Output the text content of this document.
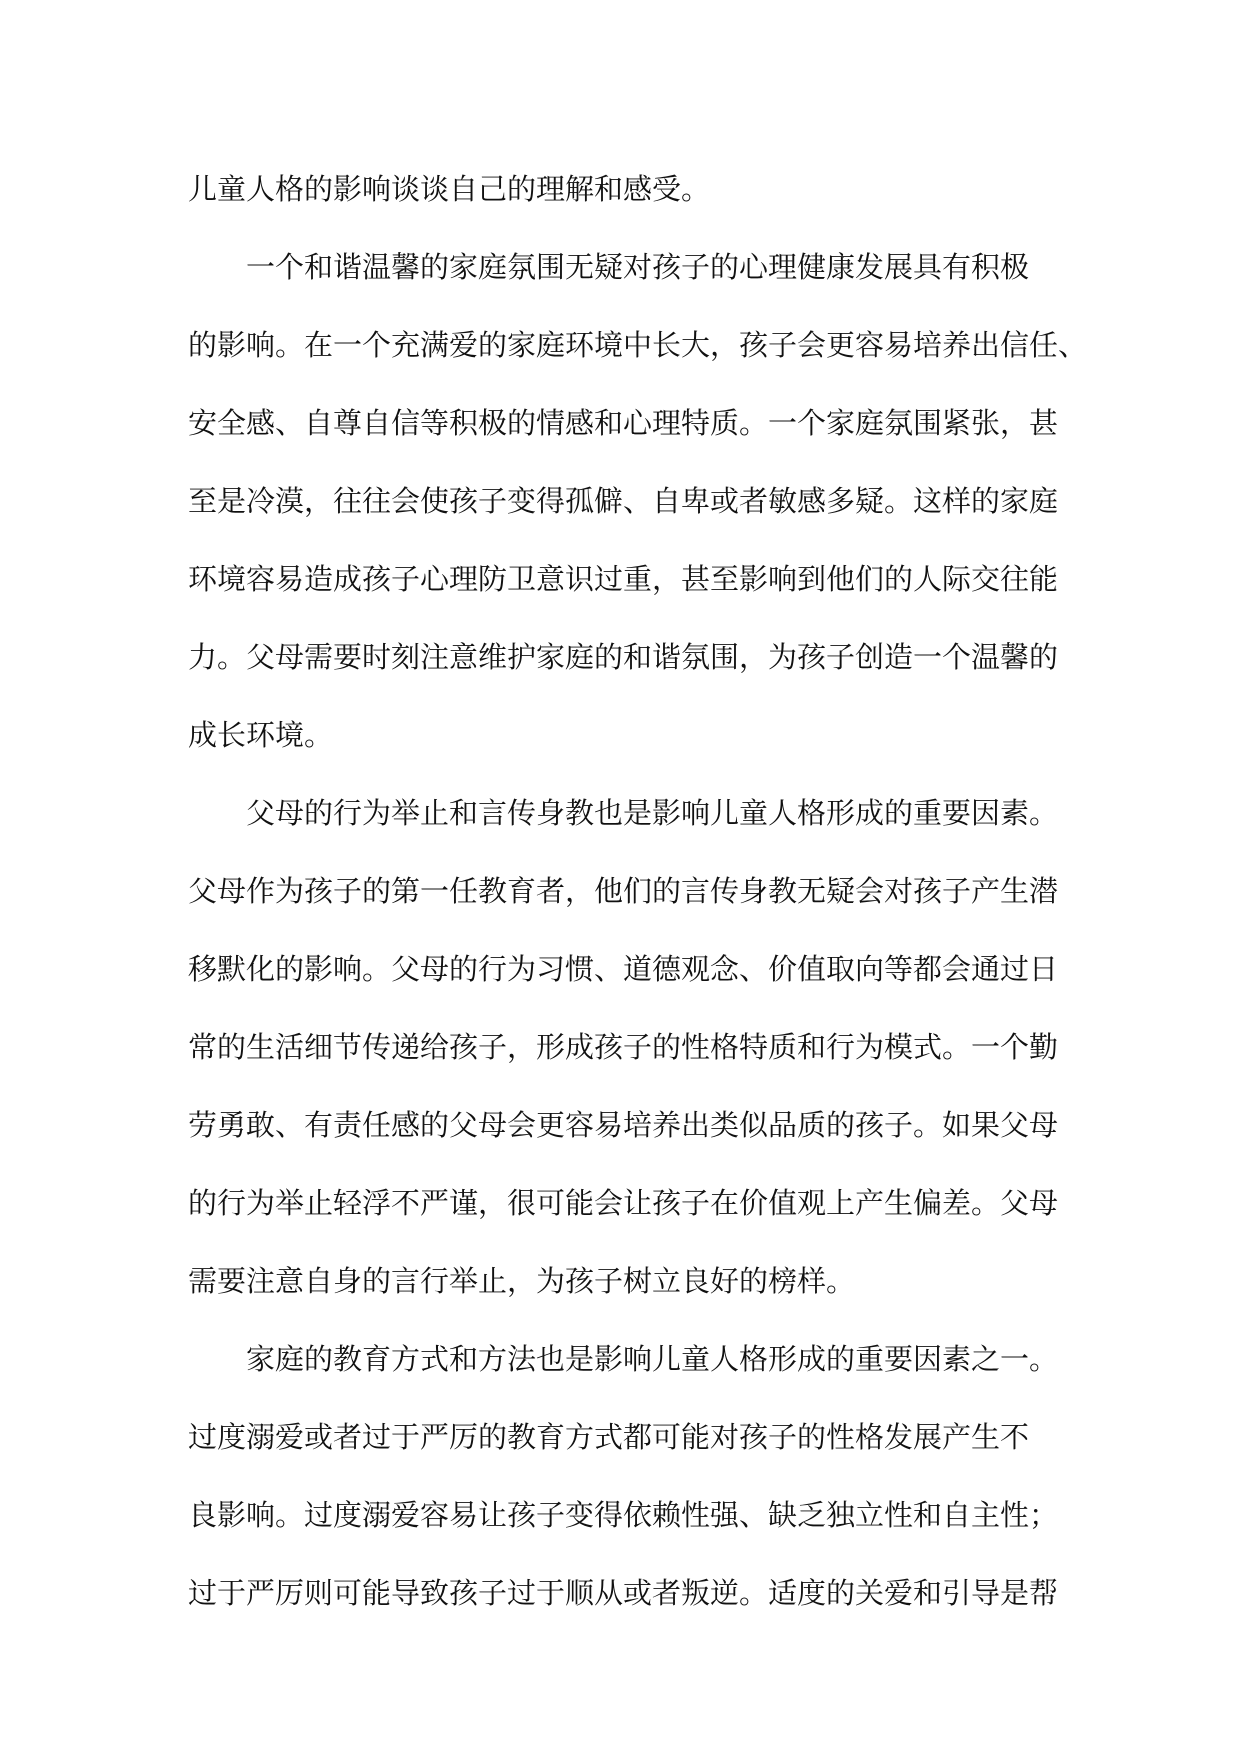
儿童人格的影响谈谈自己的理解和感受。
一个和谐温馨的家庭氛围无疑对孩子的心理健康发展具有积极
的影响。在一个充满爱的家庭环境中长大，孩子会更容易培养出信任、
安全感、自尊自信等积极的情感和心理特质。一个家庭氛围紧张，甚
至是冷漠，往往会使孩子变得孤僻、自卑或者敏感多疑。这样的家庭
环境容易造成孩子心理防卫意识过重，甚至影响到他们的人际交往能
力。父母需要时刻注意维护家庭的和谐氛围，为孩子创造一个温馨的
成长环境。
父母的行为举止和言传身教也是影响儿童人格形成的重要因素。
父母作为孩子的第一任教育者，他们的言传身教无疑会对孩子产生潜
移默化的影响。父母的行为习惯、道德观念、价值取向等都会通过日
常的生活细节传递给孩子，形成孩子的性格特质和行为模式。一个勤
劳勇敢、有责任感的父母会更容易培养出类似品质的孩子。如果父母
的行为举止轻浮不严谨，很可能会让孩子在价值观上产生偏差。父母
需要注意自身的言行举止，为孩子树立良好的榜样。
家庭的教育方式和方法也是影响儿童人格形成的重要因素之一。
过度溺爱或者过于严厉的教育方式都可能对孩子的性格发展产生不
良影响。过度溺爱容易让孩子变得依赖性强、缺乏独立性和自主性；
过于严厉则可能导致孩子过于顺从或者叛逆。适度的关爱和引导是帮
